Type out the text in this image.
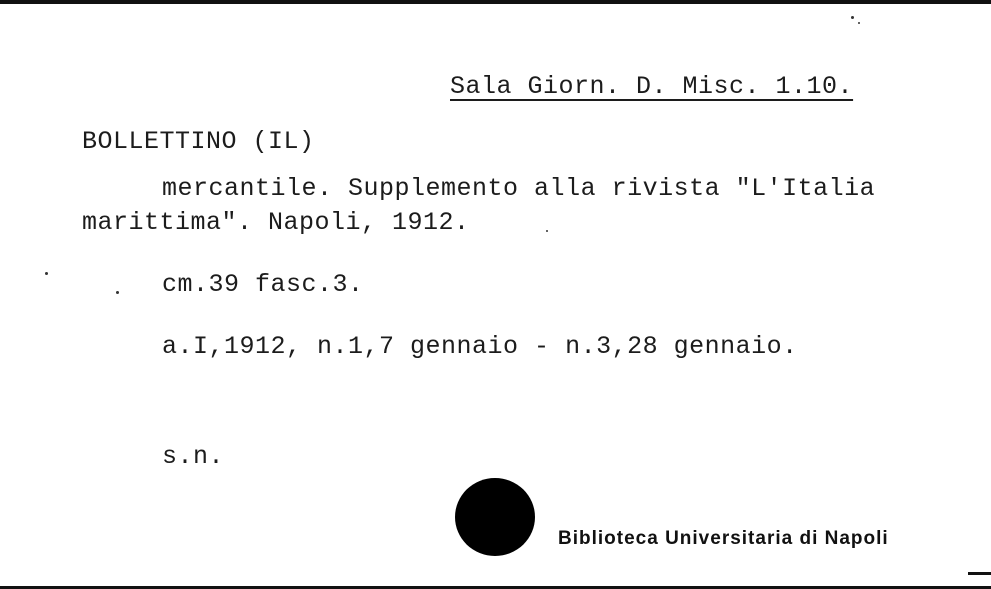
Sala Giorn. D. Misc. 1.10.
BOLLETTINO (IL)
mercantile. Supplemento alla rivista "L'Italia
marittima". Napoli, 1912.
cm.39 fasc.3.
a.I,1912, n.1,7 gennaio - n.3,28 gennaio.
s.n.
Biblioteca Universitaria di Napoli
